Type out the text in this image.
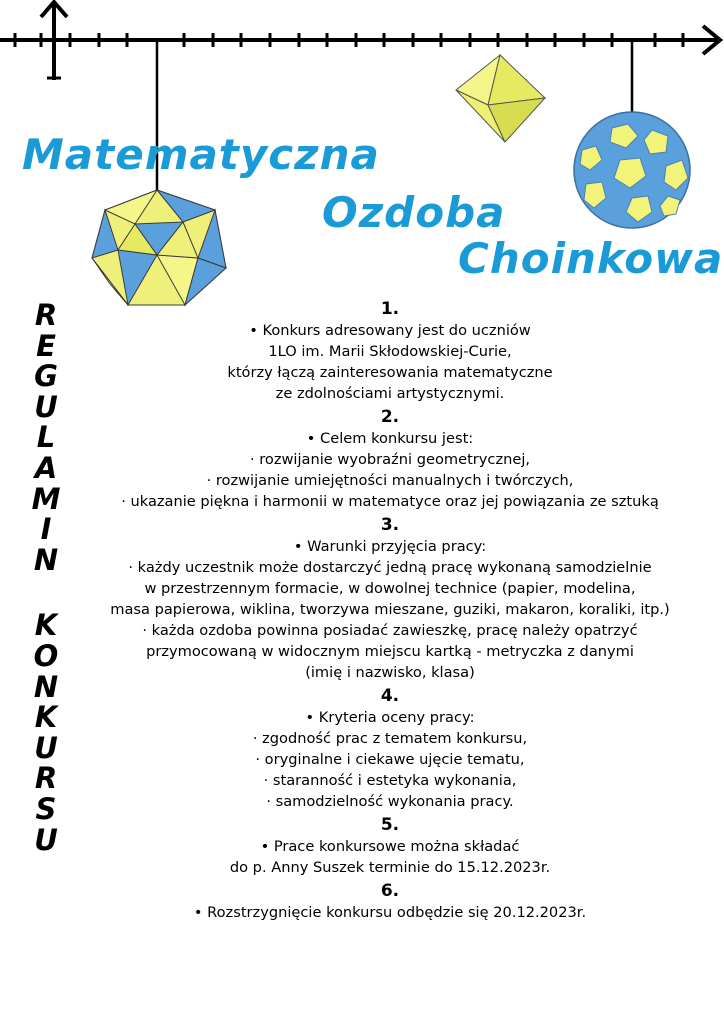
Matematyczna
Ozdoba
Choinkowa
R
E
G
U
L
A
M
I
N
K
O
N
K
U
R
S
U
1.
• Konkurs adresowany jest do uczniów
1LO im. Marii Skłodowskiej-Curie,
którzy łączą zainteresowania matematyczne
ze zdolnościami artystycznymi.
2.
• Celem konkursu jest:
· rozwijanie wyobraźni geometrycznej,
· rozwijanie umiejętności manualnych i twórczych,
· ukazanie piękna i harmonii w matematyce oraz jej powiązania ze sztuką
3.
• Warunki przyjęcia pracy:
· każdy uczestnik może dostarczyć jedną pracę wykonaną samodzielnie
w przestrzennym formacie, w dowolnej technice (papier, modelina,
masa papierowa, wiklina, tworzywa mieszane, guziki, makaron, koraliki, itp.)
· każda ozdoba powinna posiadać zawieszkę, pracę należy opatrzyć
przymocowaną w widocznym miejscu kartką - metryczka z danymi
(imię i nazwisko, klasa)
4.
• Kryteria oceny pracy:
· zgodność prac z tematem konkursu,
· oryginalne i ciekawe ujęcie tematu,
· staranność i estetyka wykonania,
· samodzielność wykonania pracy.
5.
• Prace konkursowe można składać
do p. Anny Suszek terminie do 15.12.2023r.
6.
• Rozstrzygnięcie konkursu odbędzie się 20.12.2023r.
